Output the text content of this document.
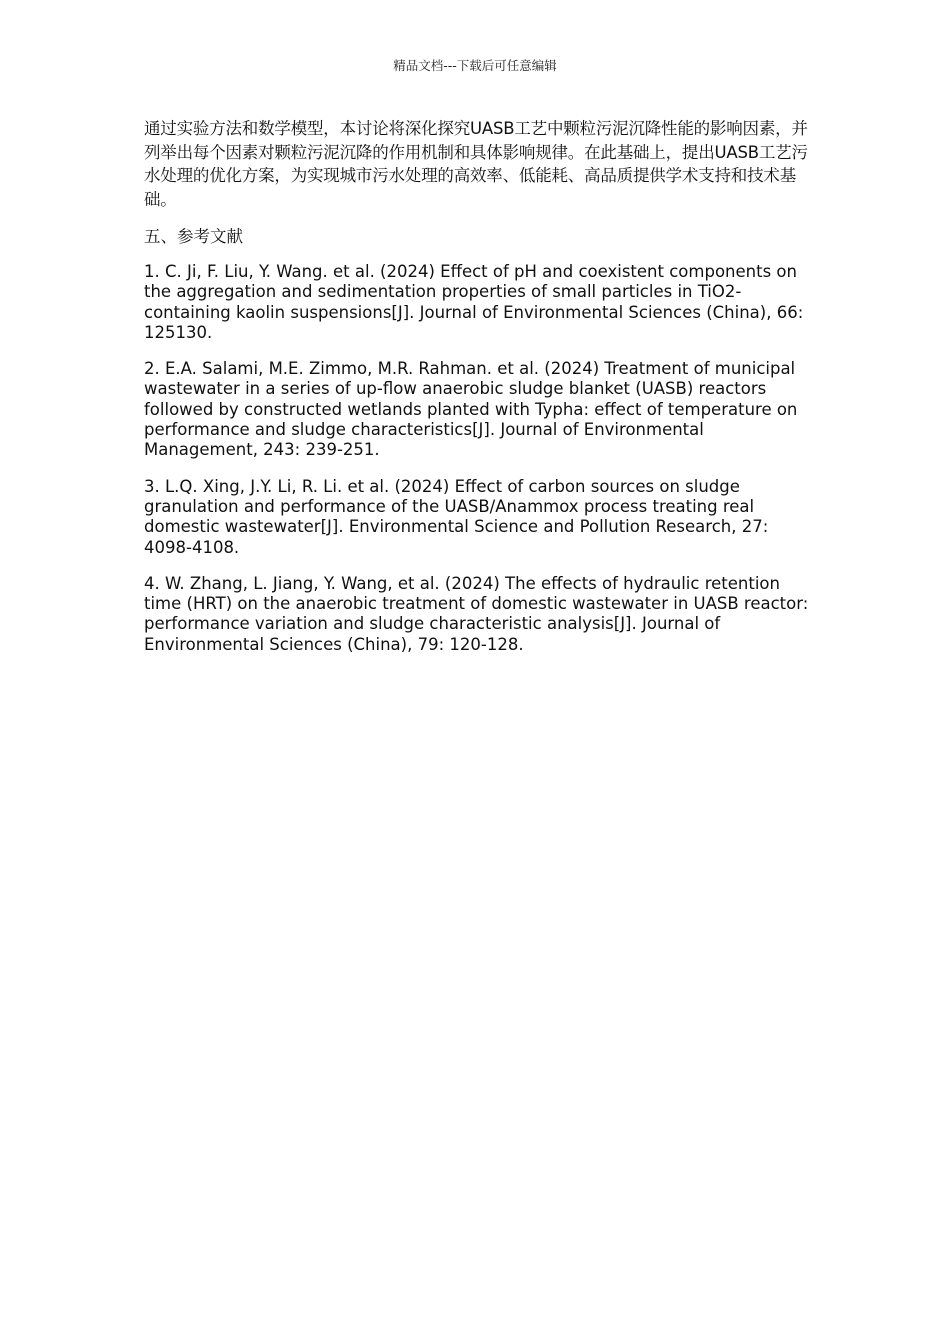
精品文档---下载后可任意编辑

通过实验方法和数学模型，本讨论将深化探究UASB工艺中颗粒污泥沉降性能的影响因素，并列举出每个因素对颗粒污泥沉降的作用机制和具体影响规律。在此基础上，提出UASB工艺污水处理的优化方案，为实现城市污水处理的高效率、低能耗、高品质提供学术支持和技术基础。

五、参考文献

1. C. Ji, F. Liu, Y. Wang. et al. (2024) Effect of pH and coexistent components on the aggregation and sedimentation properties of small particles in TiO2-containing kaolin suspensions[J]. Journal of Environmental Sciences (China), 66: 125130.
2. E.A. Salami, M.E. Zimmo, M.R. Rahman. et al. (2024) Treatment of municipal wastewater in a series of up-flow anaerobic sludge blanket (UASB) reactors followed by constructed wetlands planted with Typha: effect of temperature on performance and sludge characteristics[J]. Journal of Environmental Management, 243: 239-251.
3. L.Q. Xing, J.Y. Li, R. Li. et al. (2024) Effect of carbon sources on sludge granulation and performance of the UASB/Anammox process treating real domestic wastewater[J]. Environmental Science and Pollution Research, 27: 4098-4108.
4. W. Zhang, L. Jiang, Y. Wang, et al. (2024) The effects of hydraulic retention time (HRT) on the anaerobic treatment of domestic wastewater in UASB reactor: performance variation and sludge characteristic analysis[J]. Journal of Environmental Sciences (China), 79: 120-128.
